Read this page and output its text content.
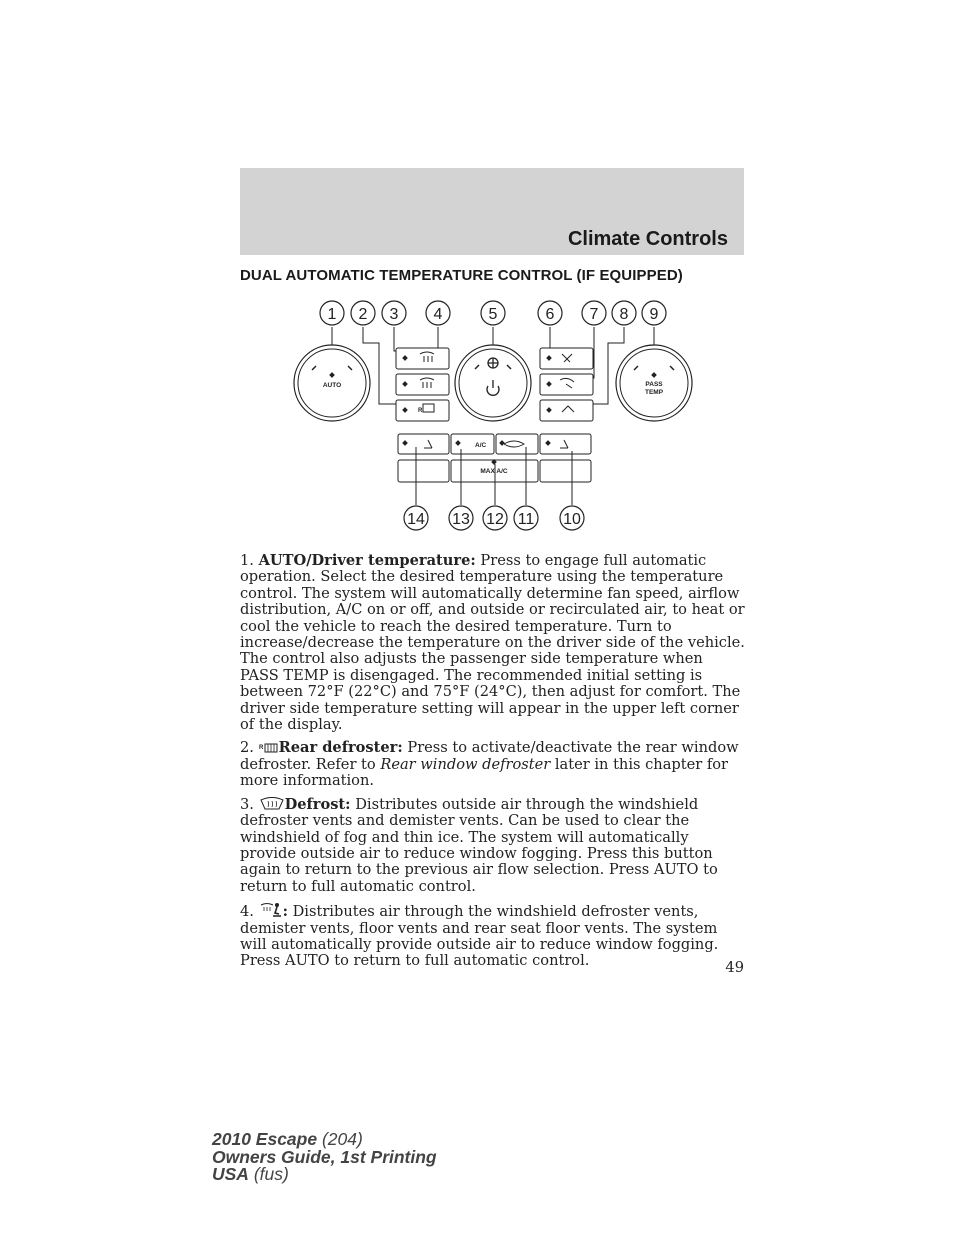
Climate Controls
DUAL AUTOMATIC TEMPERATURE CONTROL (IF EQUIPPED)
AUTO	PASS
TEMP
A/C
MAX A/C
R
1 2 3 4	5	6 7 8 9
14 13 12 11 10

1. AUTO/Driver temperature: Press to engage full automatic operation. Select the desired temperature using the temperature control. The system will automatically determine fan speed, airflow distribution, A/C on or off, and outside or recirculated air, to heat or cool the vehicle to reach the desired temperature. Turn to increase/decrease the temperature on the driver side of the vehicle. The control also adjusts the passenger side temperature when PASS TEMP is disengaged. The recommended initial setting is between 72°F (22°C) and 75°F (24°C), then adjust for comfort. The driver side temperature setting will appear in the upper left corner of the display.

2. R Rear defroster: Press to activate/deactivate the rear window defroster. Refer to Rear window defroster later in this chapter for more information.

3. Defrost: Distributes outside air through the windshield defroster vents and demister vents. Can be used to clear the windshield of fog and thin ice. The system will automatically provide outside air to reduce window fogging. Press this button again to return to the previous air flow selection. Press AUTO to return to full automatic control.

4. : Distributes air through the windshield defroster vents, demister vents, floor vents and rear seat floor vents. The system will automatically provide outside air to reduce window fogging. Press AUTO to return to full automatic control.	49
2010 Escape (204)
Owners Guide, 1st Printing
USA (fus)
